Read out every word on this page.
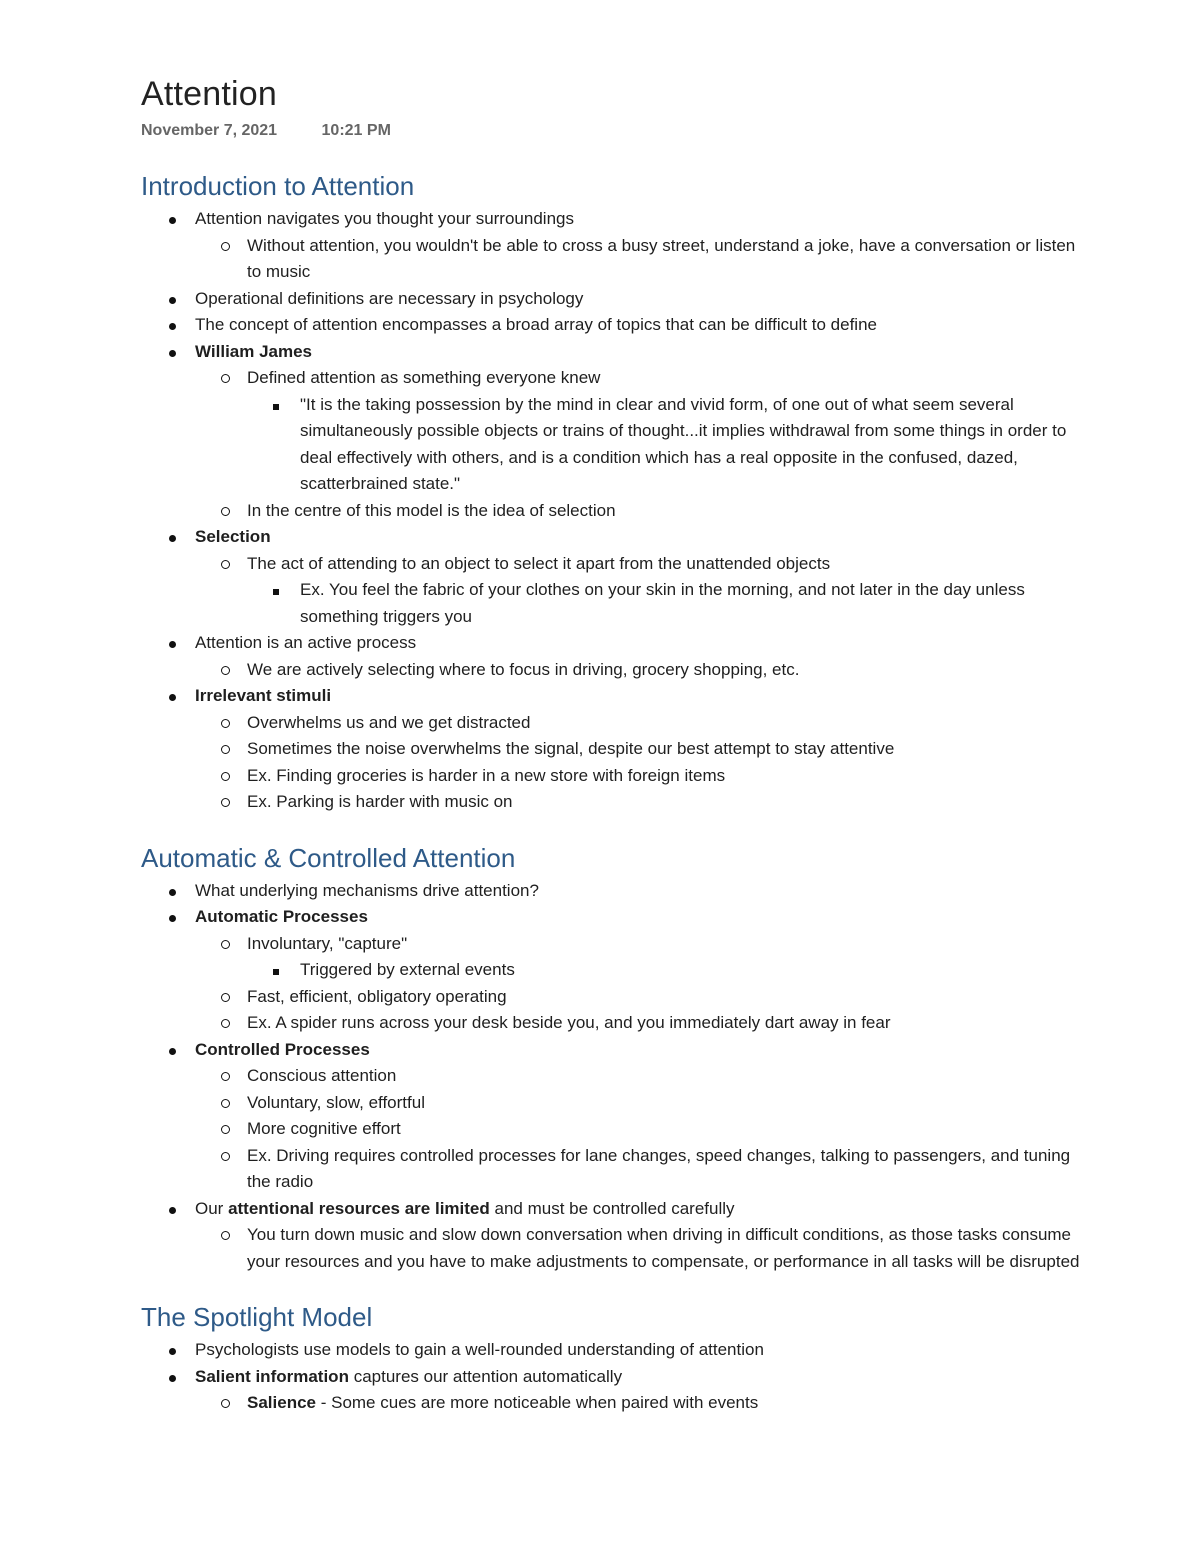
Attention
November 7, 2021	10:21 PM
Introduction to Attention
Attention navigates you thought your surroundings
Without attention, you wouldn't be able to cross a busy street, understand a joke, have a conversation or listen to music
Operational definitions are necessary in psychology
The concept of attention encompasses a broad array of topics that can be difficult to define
William James
Defined attention as something everyone knew
"It is the taking possession by the mind in clear and vivid form, of one out of what seem several simultaneously possible objects or trains of thought...it implies withdrawal from some things in order to deal effectively with others, and is a condition which has a real opposite in the confused, dazed, scatterbrained state."
In the centre of this model is the idea of selection
Selection
The act of attending to an object to select it apart from the unattended objects
Ex. You feel the fabric of your clothes on your skin in the morning, and not later in the day unless something triggers you
Attention is an active process
We are actively selecting where to focus in driving, grocery shopping, etc.
Irrelevant stimuli
Overwhelms us and we get distracted
Sometimes the noise overwhelms the signal, despite our best attempt to stay attentive
Ex. Finding groceries is harder in a new store with foreign items
Ex. Parking is harder with music on
Automatic & Controlled Attention
What underlying mechanisms drive attention?
Automatic Processes
Involuntary, "capture"
Triggered by external events
Fast, efficient, obligatory operating
Ex. A spider runs across your desk beside you, and you immediately dart away in fear
Controlled Processes
Conscious attention
Voluntary, slow, effortful
More cognitive effort
Ex. Driving requires controlled processes for lane changes, speed changes, talking to passengers, and tuning the radio
Our attentional resources are limited and must be controlled carefully
You turn down music and slow down conversation when driving in difficult conditions, as those tasks consume your resources and you have to make adjustments to compensate, or performance in all tasks will be disrupted
The Spotlight Model
Psychologists use models to gain a well-rounded understanding of attention
Salient information captures our attention automatically
Salience - Some cues are more noticeable when paired with events
